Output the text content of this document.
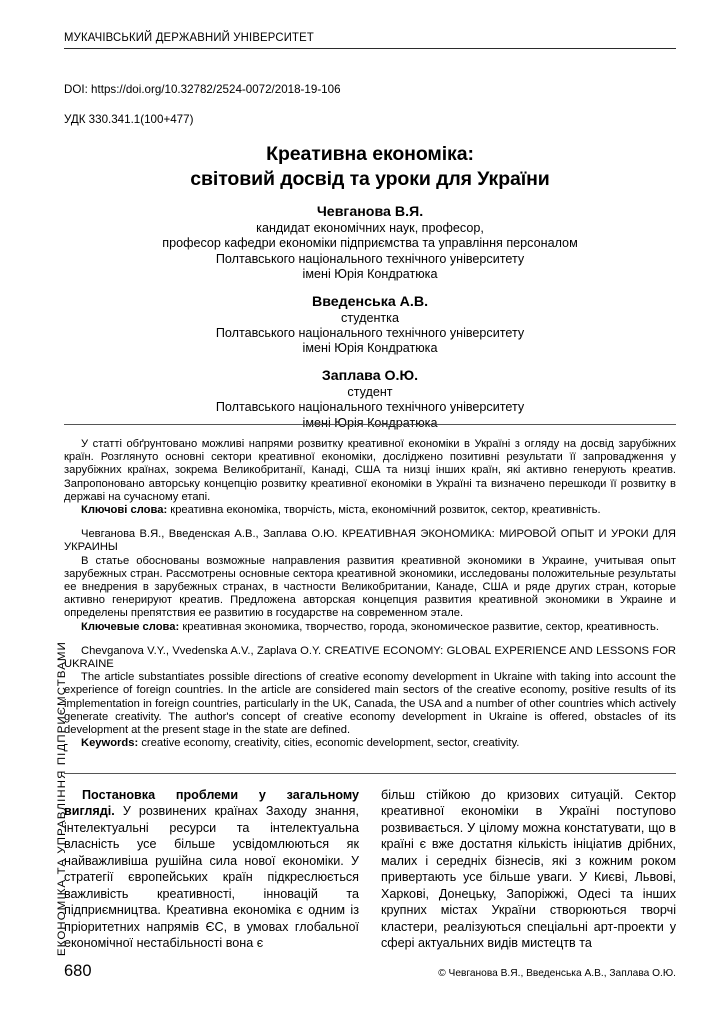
МУКАЧІВСЬКИЙ ДЕРЖАВНИЙ УНІВЕРСИТЕТ
DOI: https://doi.org/10.32782/2524-0072/2018-19-106
УДК 330.341.1(100+477)
Креативна економіка:
світовий досвід та уроки для України
Чевганова В.Я.
кандидат економічних наук, професор,
професор кафедри економіки підприємства та управління персоналом
Полтавського національного технічного університету
імені Юрія Кондратюка
Введенська А.В.
студентка
Полтавського національного технічного університету
імені Юрія Кондратюка
Заплава О.Ю.
студент
Полтавського національного технічного університету
імені Юрія Кондратюка

У статті обґрунтовано можливі напрями розвитку креативної економіки в Україні з огляду на досвід зарубіжних країн. Розглянуто основні сектори креативної економіки, досліджено позитивні результати її запровадження у зарубіжних країнах, зокрема Великобританії, Канаді, США та низці інших країн, які активно генерують креатив. Запропоновано авторську концепцію розвитку креативної економіки в Україні та визначено перешкоди її розвитку в державі на сучасному етапі.

Ключові слова: креативна економіка, творчість, міста, економічний розвиток, сектор, креативність.

Чевганова В.Я., Введенская А.В., Заплава О.Ю. КРЕАТИВНАЯ ЭКОНОМИКА: МИРОВОЙ ОПЫТ И УРОКИ ДЛЯ УКРАИНЫ

В статье обоснованы возможные направления развития креативной экономики в Украине, учитывая опыт зарубежных стран. Рассмотрены основные сектора креативной экономики, исследованы положительные результаты ее внедрения в зарубежных странах, в частности Великобритании, Канаде, США и ряде других стран, которые активно генерируют креатив. Предложена авторская концепция развития креативной экономики в Украине и определены препятствия ее развитию в государстве на современном этале.

Ключевые слова: креативная экономика, творчество, города, экономическое развитие, сектор, креативность.

Chevganova V.Y., Vvedenska A.V., Zaplava O.Y. CREATIVE ECONOMY: GLOBAL EXPERIENCE AND LESSONS FOR UKRAINE

The article substantiates possible directions of creative economy development in Ukraine with taking into account the experience of foreign countries. In the article are considered main sectors of the creative economy, positive results of its implementation in foreign countries, particularly in the UK, Canada, the USA and a number of other countries which actively generate creativity. The author's concept of creative economy development in Ukraine is offered, obstacles of its development at the present stage in the state are defined.

Keywords: creative economy, creativity, cities, economic development, sector, creativity.

Постановка проблеми у загальному вигляді. У розвинених країнах Заходу знання, інтелектуальні ресурси та інтелектуальна власність усе більше усвідомлюються як найважливіша рушійна сила нової економіки. У стратегії європейських країн підкреслюється важливість креативності, інновацій та підприємництва. Креативна економіка є одним із пріоритетних напрямів ЄС, в умовах глобальної економічної нестабільності вона є

більш стійкою до кризових ситуацій. Сектор креативної економіки в Україні поступово розвивається. У цілому можна констатувати, що в країні є вже достатня кількість ініціатив дрібних, малих і середніх бізнесів, які з кожним роком привертають усе більше уваги. У Києві, Львові, Харкові, Донецьку, Запоріжжі, Одесі та інших крупних містах України створюються творчі кластери, реалізуються спеціальні арт-проекти у сфері актуальних видів мистецтв та

ЕКОНОМІКА ТА УПРАВЛІННЯ ПІДПРИЄМСТВАМИ
680	© Чевганова В.Я., Введенська А.В., Заплава О.Ю.
